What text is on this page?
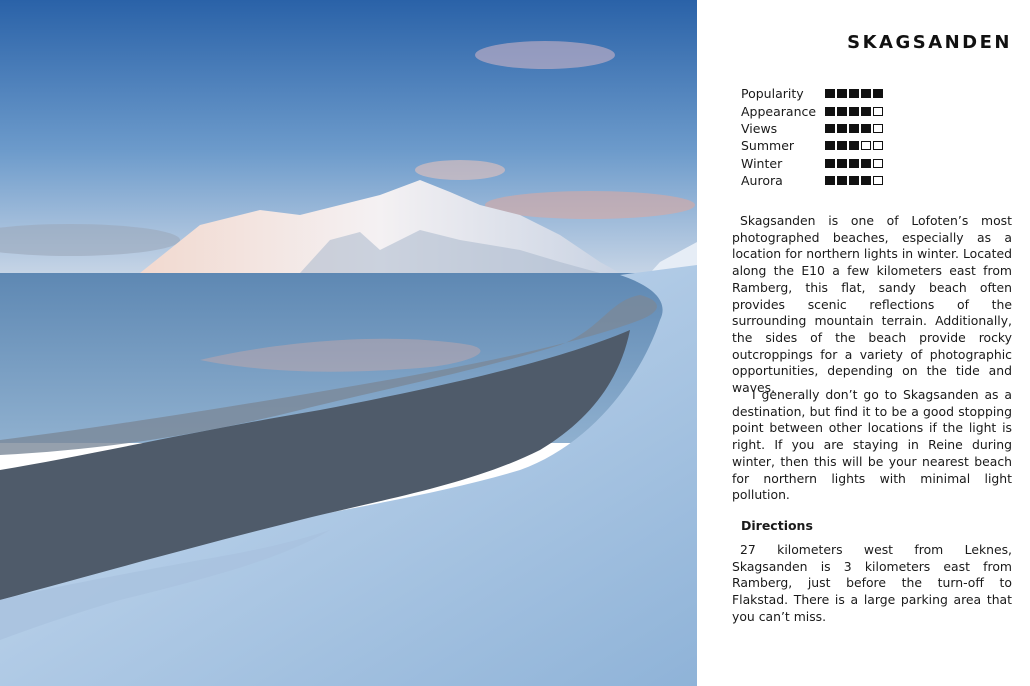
SKAGSANDEN
Popularity
Appearance
Views
Summer
Winter
Aurora

Skagsanden is one of Lofoten’s most photographed beaches, especially as a location for northern lights in winter. Located along the E10 a few kilometers east from Ramberg, this flat, sandy beach often provides scenic reflections of the surrounding mountain terrain. Additionally, the sides of the beach provide rocky outcroppings for a variety of photographic opportunities, depending on the tide and waves.

I generally don’t go to Skagsanden as a destination, but find it to be a good stopping point between other locations if the light is right. If you are staying in Reine during winter, then this will be your nearest beach for northern lights with minimal light pollution.

Directions

27 kilometers west from Leknes, Skagsanden is 3 kilometers east from Ramberg, just before the turn-off to Flakstad. There is a large parking area that you can’t miss.
